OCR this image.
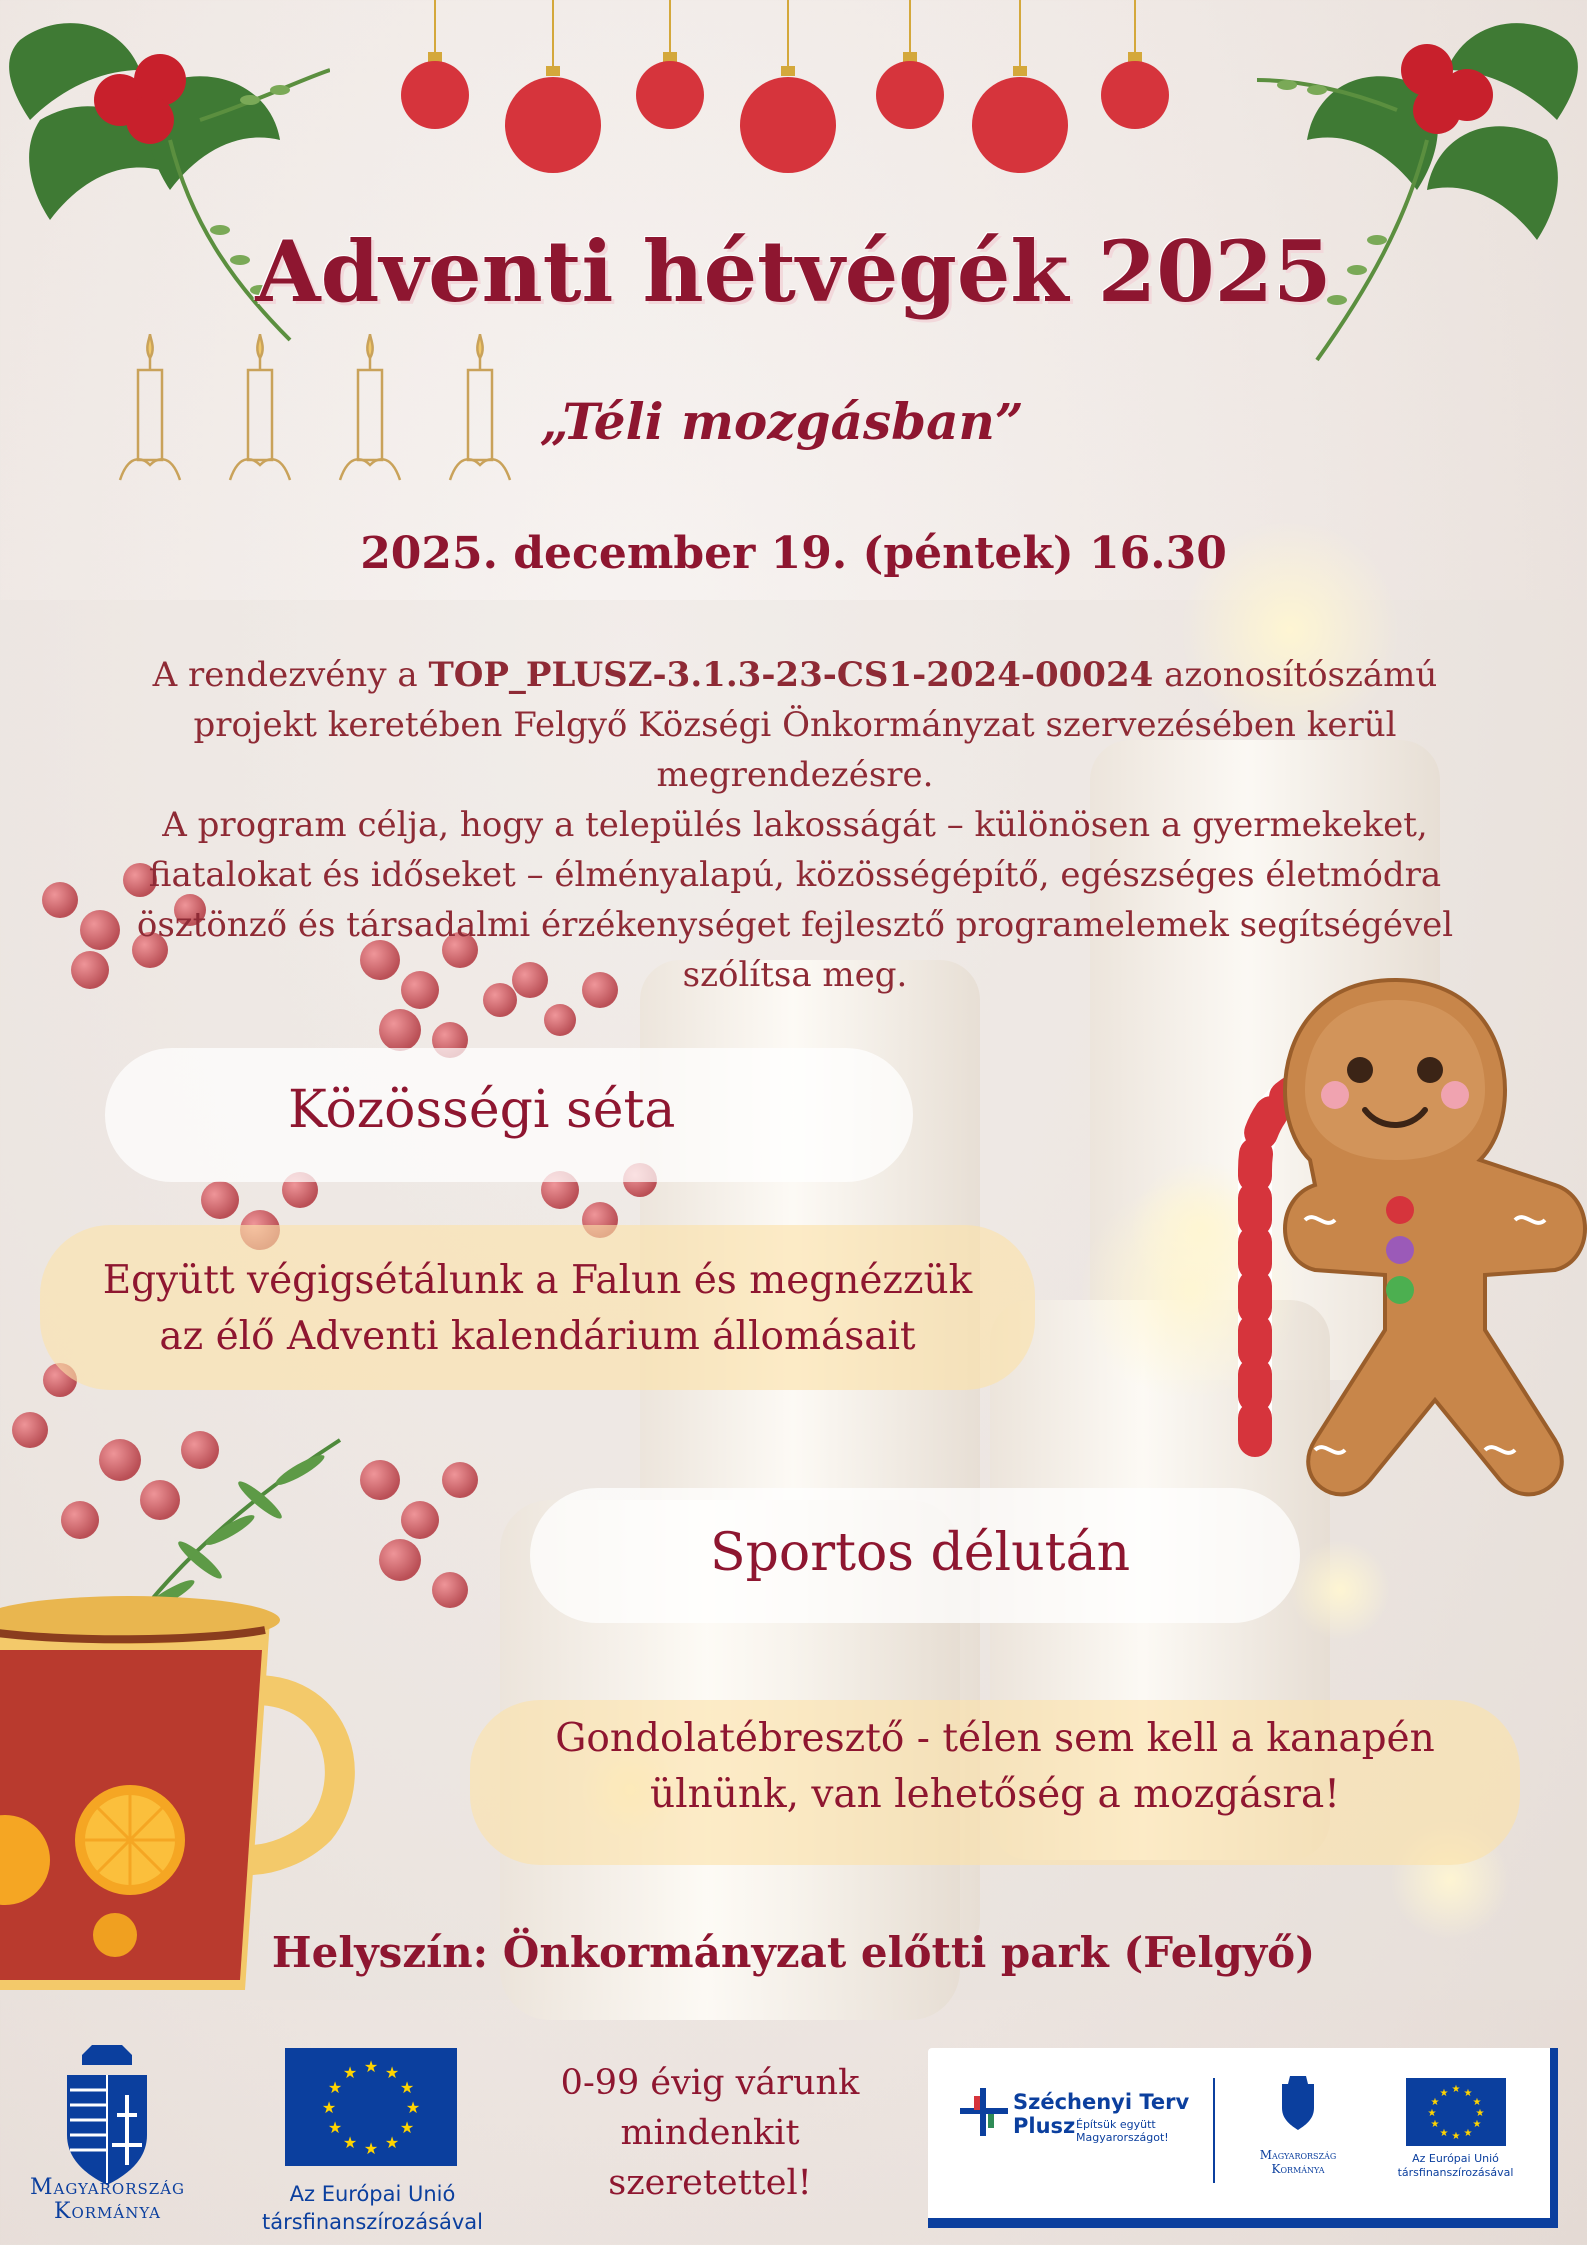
Adventi hétvégék 2025
„Téli mozgásban”
2025. december 19. (péntek) 16.30

A rendezvény a TOP_PLUSZ-3.1.3-23-CS1-2024-00024 azonosítószámú projekt keretében Felgyő Községi Önkormányzat szervezésében kerül megrendezésre.

A program célja, hogy a település lakosságát – különösen a gyermekeket, fiatalokat és időseket – élményalapú, közösségépítő, egészséges életmódra ösztönző és társadalmi érzékenységet fejlesztő programelemek segítségével szólítsa meg.

Közösségi séta
Együtt végigsétálunk a Falun és megnézzük
az élő Adventi kalendárium állomásait
Sportos délután
Gondolatébresztő - télen sem kell a kanapén
ülnünk, van lehetőség a mozgásra!
Helyszín: Önkormányzat előtti park (Felgyő)
Magyarország
Kormánya
★ ★
★
★
★
★
★
★
★
★
★
★
Az Európai Unió
társfinanszírozásával
0-99 évig várunk
mindenkit
szeretettel!
Széchenyi Terv
Plusz Építsük együtt
Magyarországot!
Magyarország
Kormánya
★ ★
★
★
★
★
★
★
★
★
★
★
Az Európai Unió
társfinanszírozásával
